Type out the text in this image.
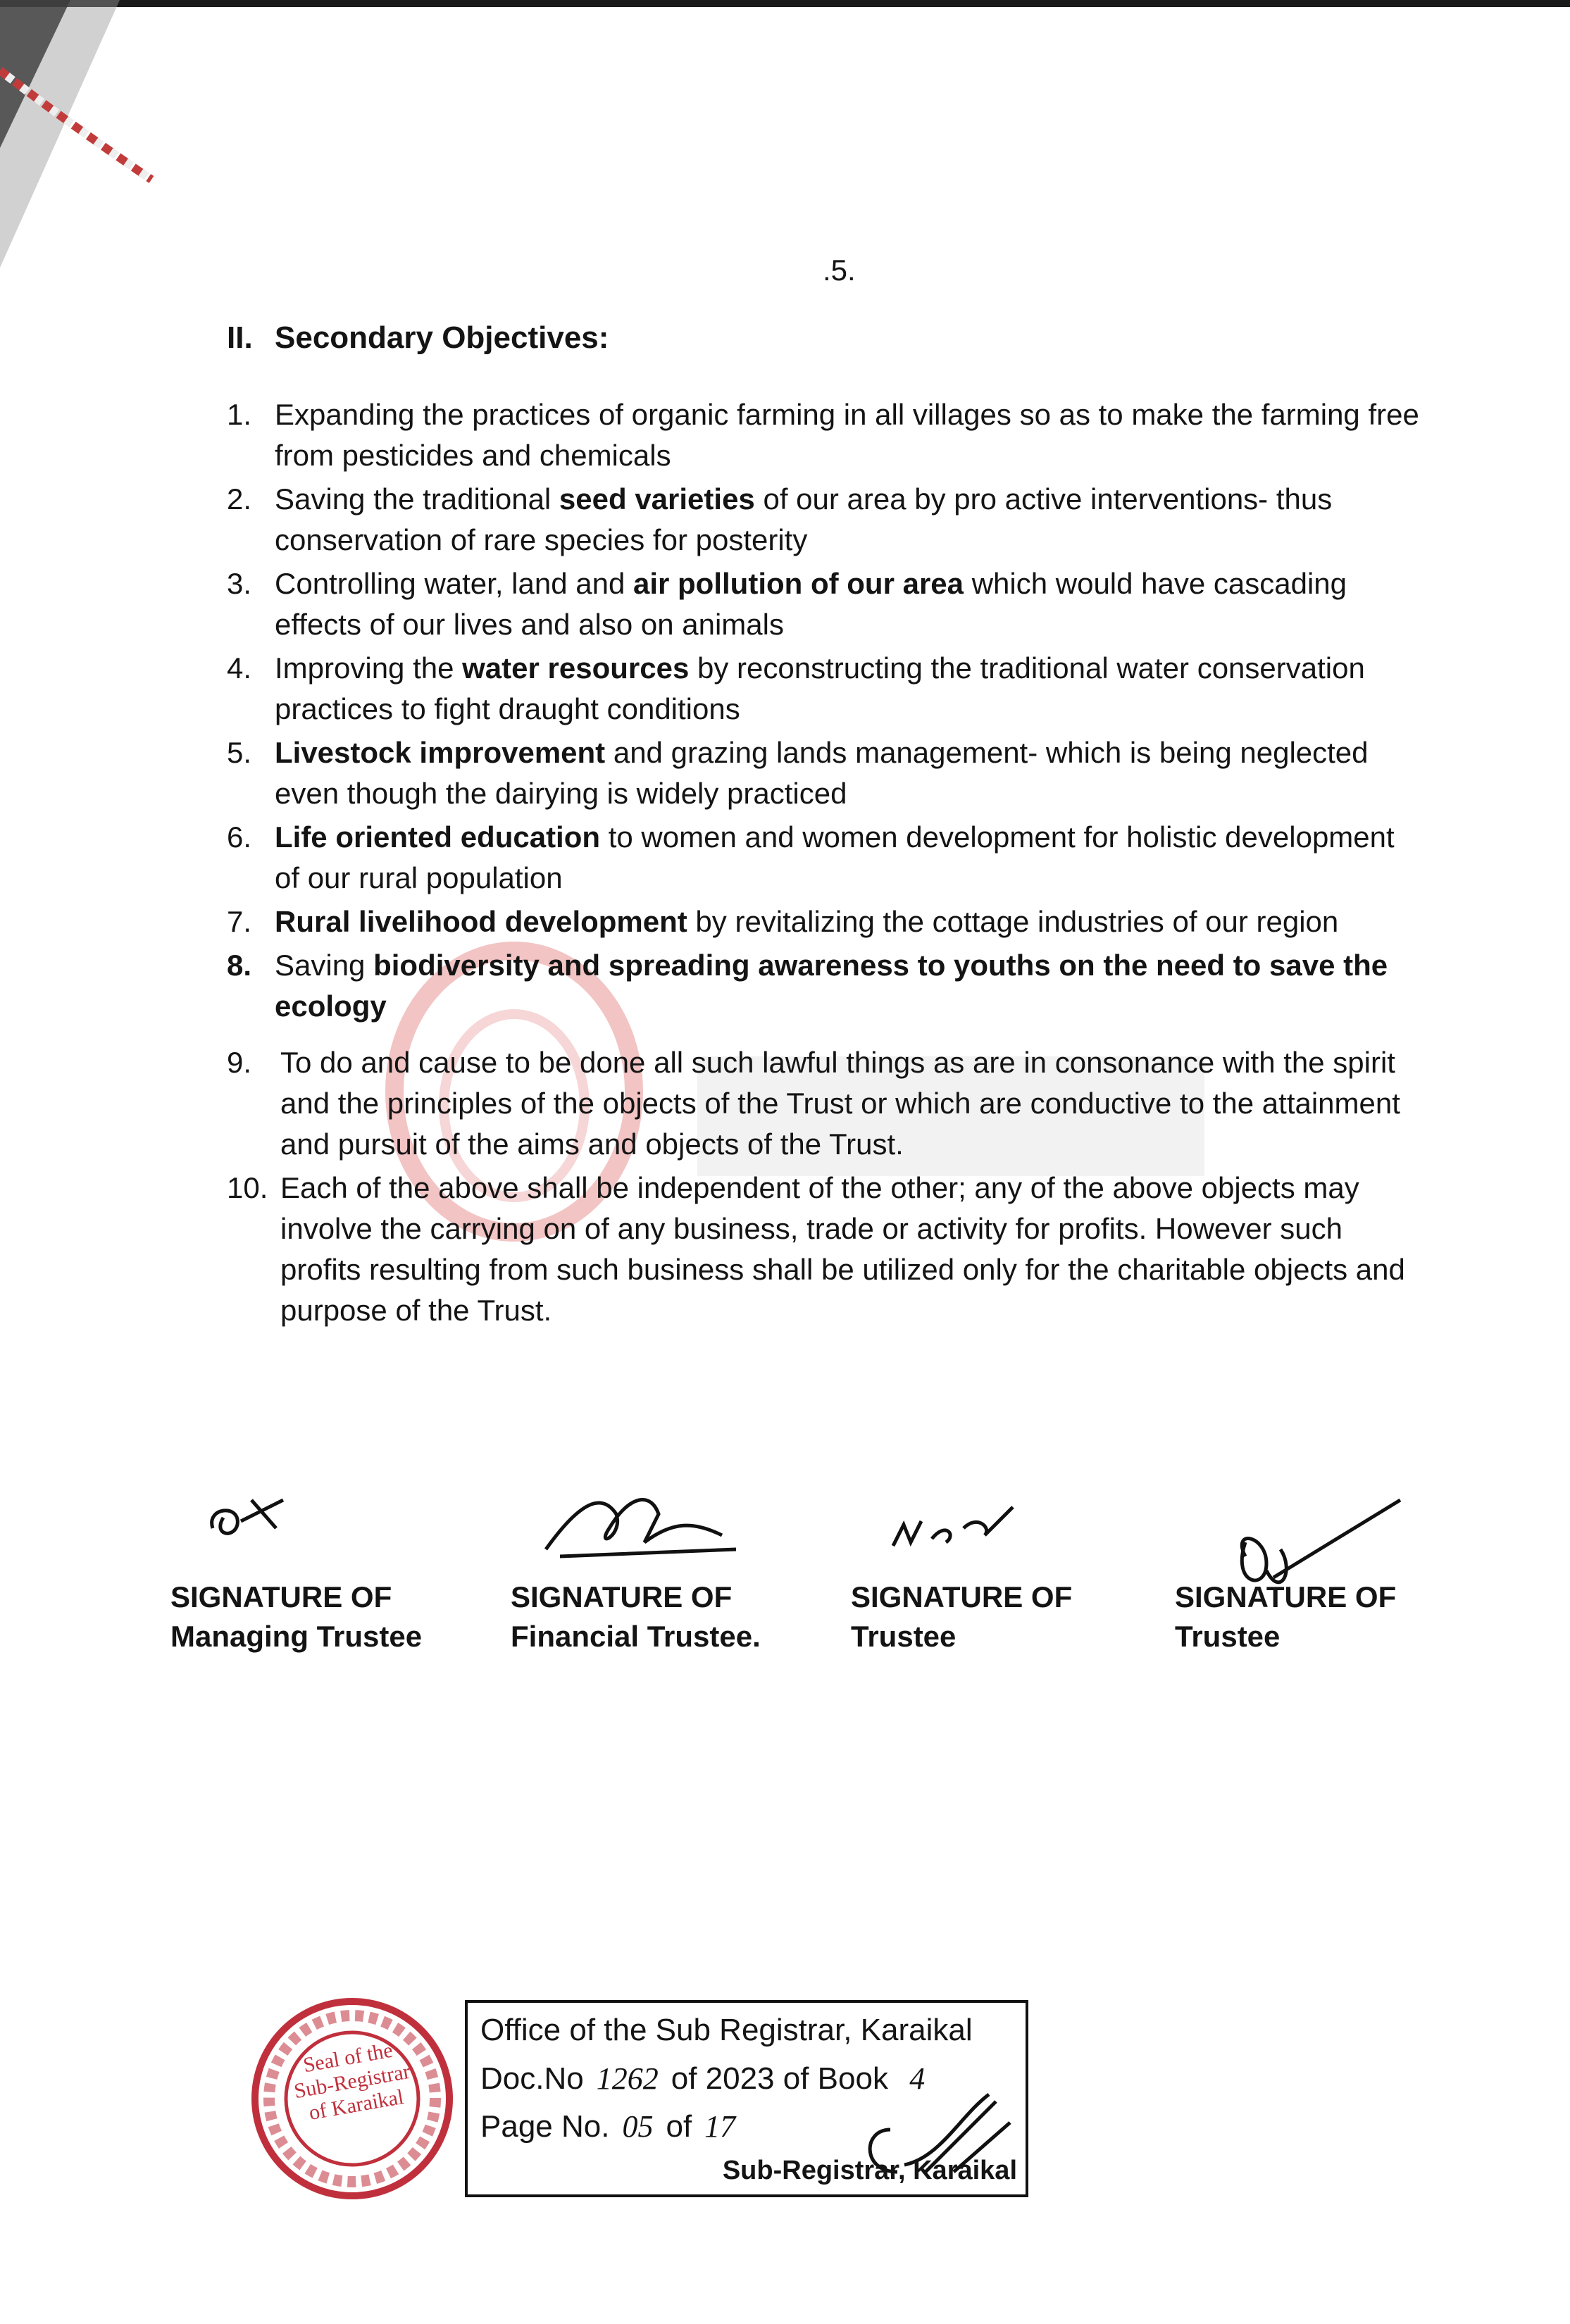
.5.
II. Secondary Objectives:
1. Expanding the practices of organic farming in all villages so as to make the farming free from pesticides and chemicals
2. Saving the traditional seed varieties of our area by pro active interventions- thus conservation of rare species for posterity
3. Controlling water, land and air pollution of our area which would have cascading effects of our lives and also on animals
4. Improving the water resources by reconstructing the traditional water conservation practices to fight draught conditions
5. Livestock improvement and grazing lands management- which is being neglected even though the dairying is widely practiced
6. Life oriented education to women and women development for holistic development of our rural population
7. Rural livelihood development by revitalizing the cottage industries of our region
8. Saving biodiversity and spreading awareness to youths on the need to save the ecology
9. To do and cause to be done all such lawful things as are in consonance with the spirit and the principles of the objects of the Trust or which are conductive to the attainment and pursuit of the aims and objects of the Trust.
10. Each of the above shall be independent of the other; any of the above objects may involve the carrying on of any business, trade or activity for profits. However such profits resulting from such business shall be utilized only for the charitable objects and purpose of the Trust.
SIGNATURE OF
Managing Trustee
SIGNATURE OF
Financial Trustee.
SIGNATURE OF
Trustee
SIGNATURE OF
Trustee
Seal of the Sub-Registrar of Karaikal
Office of the Sub Registrar, Karaikal
Doc.No 1262 of 2023 of Book 4
Page No. 05 of 17
Sub-Registrar, Karaikal
